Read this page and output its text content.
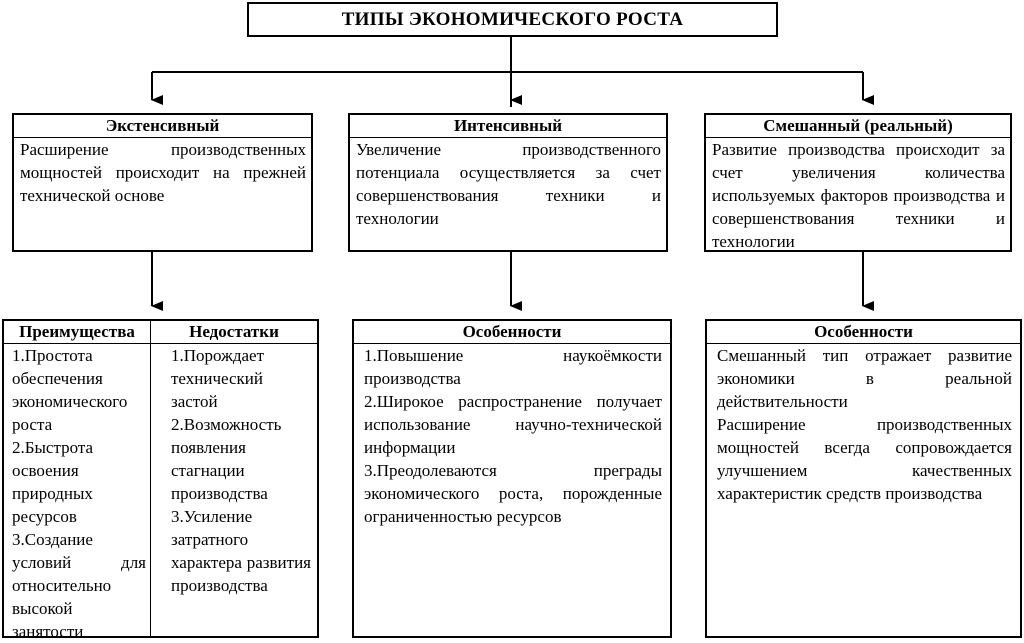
ТИПЫ ЭКОНОМИЧЕСКОГО РОСТА
Экстенсивный
Расширение производственных мощностей происходит на прежней технической основе
Интенсивный
Увеличение производственного потенциала осуществляется за счет совершенствования техники и технологии
Смешанный (реальный)
Развитие производства происходит за счет увеличения количества используемых факторов производства и совершенствования техники и технологии
Преимущества

1.Простота обеспечения экономического роста

2.Быстрота освоения природных ресурсов

3.Создание условий для относительно высокой занятости

Недостатки

1.Порождает технический застой

2.Возможность появления стагнации производства

3.Усиление затратного характера развития производства

Особенности

1.Повышение наукоёмкости производства

2.Широкое распространение получает использование научно-технической информации

3.Преодолеваются преграды экономического роста, порожденные ограниченностью ресурсов

Особенности

Смешанный тип отражает развитие экономики в реальной действительности

Расширение производственных мощностей всегда сопровождается улучшением качественных характеристик средств производства
